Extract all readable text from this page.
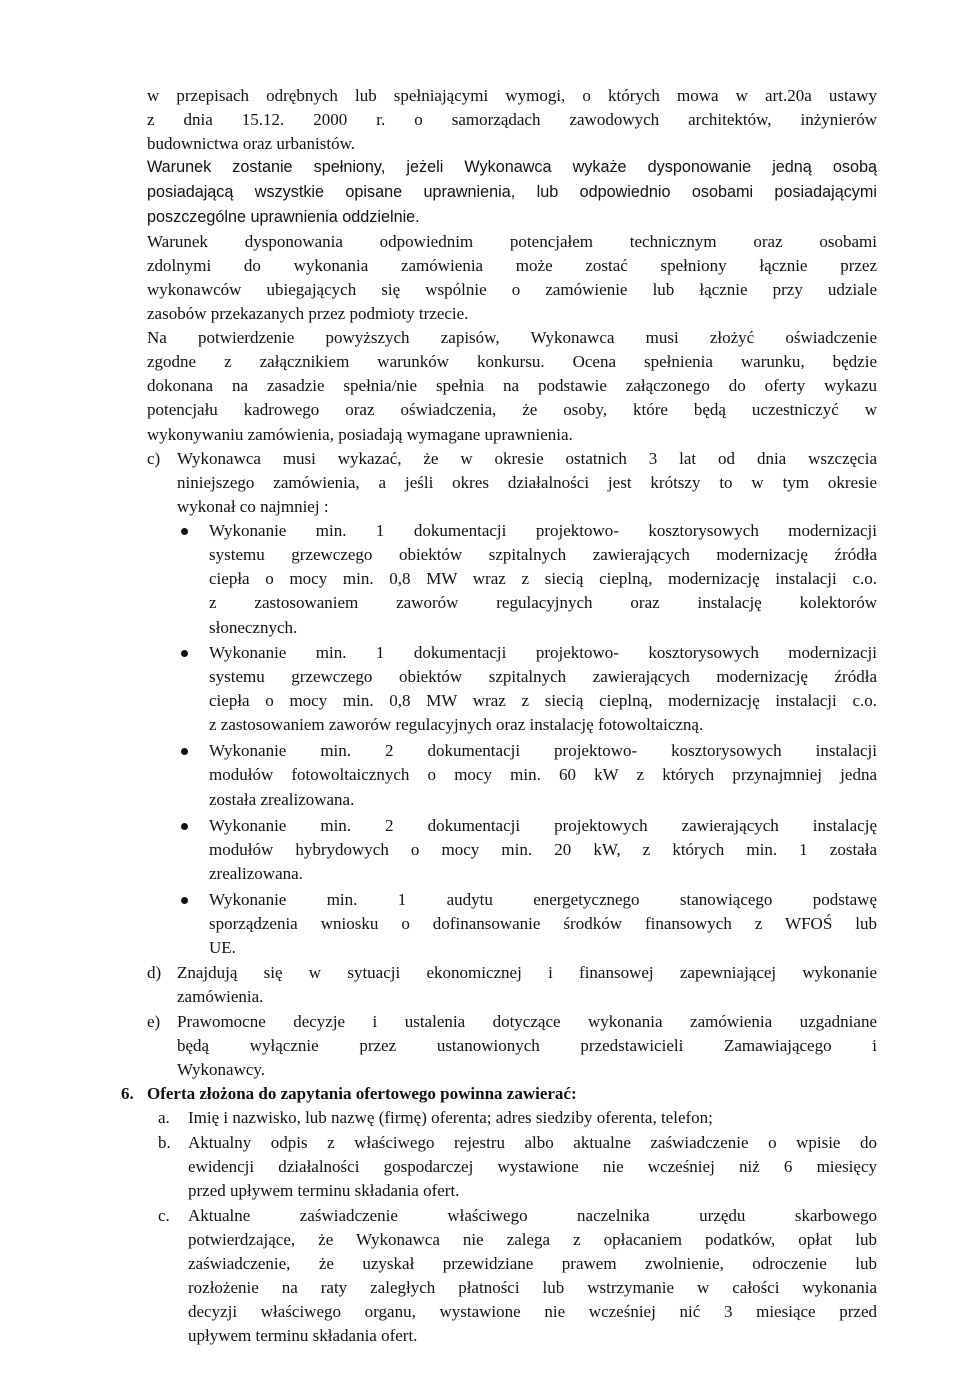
w przepisach odrębnych lub spełniającymi wymogi, o których mowa w art.20a ustawy
z dnia 15.12. 2000 r. o samorządach zawodowych architektów, inżynierów
budownictwa oraz urbanistów.
Warunek zostanie spełniony, jeżeli Wykonawca wykaże dysponowanie jedną osobą
posiadającą wszystkie opisane uprawnienia, lub odpowiednio osobami posiadającymi
poszczególne uprawnienia oddzielnie.
Warunek dysponowania odpowiednim potencjałem technicznym oraz osobami
zdolnymi do wykonania zamówienia może zostać spełniony łącznie przez
wykonawców ubiegających się wspólnie o zamówienie lub łącznie przy udziale
zasobów przekazanych przez podmioty trzecie.
Na potwierdzenie powyższych zapisów, Wykonawca musi złożyć oświadczenie
zgodne z załącznikiem warunków konkursu. Ocena spełnienia warunku, będzie
dokonana na zasadzie spełnia/nie spełnia na podstawie załączonego do oferty wykazu
potencjału kadrowego oraz oświadczenia, że osoby, które będą uczestniczyć w
wykonywaniu zamówienia, posiadają wymagane uprawnienia.
c) Wykonawca musi wykazać, że w okresie ostatnich 3 lat od dnia wszczęcia
niniejszego zamówienia, a jeśli okres działalności jest krótszy to w tym okresie
wykonał co najmniej :
Wykonanie min. 1 dokumentacji projektowo- kosztorysowych modernizacji
systemu grzewczego obiektów szpitalnych zawierających modernizację źródła
ciepła o mocy min. 0,8 MW wraz z siecią cieplną, modernizację instalacji c.o.
z zastosowaniem zaworów regulacyjnych oraz instalację kolektorów
słonecznych.
Wykonanie min. 1 dokumentacji projektowo- kosztorysowych modernizacji
systemu grzewczego obiektów szpitalnych zawierających modernizację źródła
ciepła o mocy min. 0,8 MW wraz z siecią cieplną, modernizację instalacji c.o.
z zastosowaniem zaworów regulacyjnych oraz instalację fotowoltaiczną.
Wykonanie min. 2 dokumentacji projektowo- kosztorysowych instalacji
modułów fotowoltaicznych o mocy min. 60 kW z których przynajmniej jedna
została zrealizowana.
Wykonanie min. 2 dokumentacji projektowych zawierających instalację
modułów hybrydowych o mocy min. 20 kW, z których min. 1 została
zrealizowana.
Wykonanie min. 1 audytu energetycznego stanowiącego podstawę
sporządzenia wniosku o dofinansowanie środków finansowych z WFOŚ lub
UE.
d) Znajdują się w sytuacji ekonomicznej i finansowej zapewniającej wykonanie
zamówienia.
e) Prawomocne decyzje i ustalenia dotyczące wykonania zamówienia uzgadniane
będą wyłącznie przez ustanowionych przedstawicieli Zamawiającego i
Wykonawcy.
6. Oferta złożona do zapytania ofertowego powinna zawierać:
a. Imię i nazwisko, lub nazwę (firmę) oferenta; adres siedziby oferenta, telefon;
b. Aktualny odpis z właściwego rejestru albo aktualne zaświadczenie o wpisie do
ewidencji działalności gospodarczej wystawione nie wcześniej niż 6 miesięcy
przed upływem terminu składania ofert.
c. Aktualne zaświadczenie właściwego naczelnika urzędu skarbowego
potwierdzające, że Wykonawca nie zalega z opłacaniem podatków, opłat lub
zaświadczenie, że uzyskał przewidziane prawem zwolnienie, odroczenie lub
rozłożenie na raty zaległych płatności lub wstrzymanie w całości wykonania
decyzji właściwego organu, wystawione nie wcześniej nić 3 miesiące przed
upływem terminu składania ofert.
